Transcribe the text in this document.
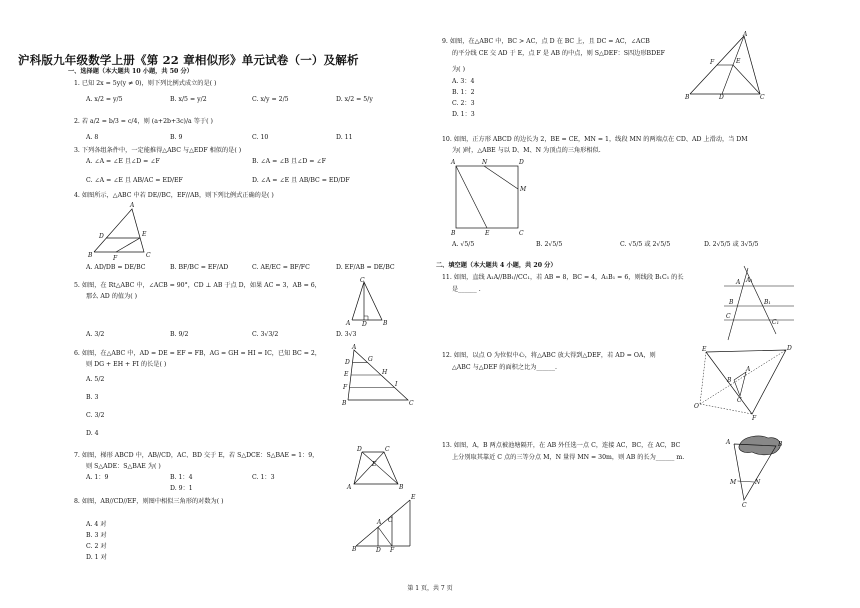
沪科版九年级数学上册《第 22 章相似形》单元试卷（一）及解析
一、选择题（本大题共 10 小题，共 50 分）
1. 已知 2x = 5y(y ≠ 0)，则下列比例式成立的是( )
A. x/2 = y/5	B. x/5 = y/2	C. x/y = 2/5	D. x/2 = 5/y
2. 若 a/2 = b/3 = c/4，则 (a+2b+3c)/a 等于( )
A. 8	B. 9	C. 10	D. 11
3. 下列各组条件中，一定能推得△ABC 与△EDF 相似的是( )
A. ∠A = ∠E 且∠D = ∠F	B. ∠A = ∠B 且∠D = ∠F
C. ∠A = ∠E 且 AB/AC = ED/EF	D. ∠A = ∠E 且 AB/BC = ED/DF
4. 如图所示，△ABC 中若 DE//BC，EF//AB，则下列比例式正确的是( )
A
D	E
B	F	C
A. AD/DB = DE/BC	B. BF/BC = EF/AD	C. AE/EC = BF/FC	D. EF/AB = DE/BC
5. 如图，在 Rt△ABC 中，∠ACB = 90°，CD ⊥ AB 于点 D，如果 AC = 3，AB = 6，
那么 AD 的值为( )
C
A D	B
A. 3/2	B. 9/2	C. 3√3/2	D. 3√3
6. 如图，在△ABC 中，AD = DE = EF = FB，AG = GH = HI = IC，已知 BC = 2，
则 DG + EH + FI 的长是( )
A
D
E
F
G
H
I
B	C
A. 5/2
B. 3
C. 3/2
D. 4
7. 如图，梯形 ABCD 中，AB//CD，AC、BD 交于 E，若 S△DCE：S△BAE = 1：9，
则 S△ADE：S△BAE 为( )
D	C
E
A	B
A. 1：9	B. 1：4	C. 1：3
D. 9：1
8. 如图，AB//CD//EF，则图中相似三角形的对数为( )
E
A C
B	D F
A. 4 对
B. 3 对
C. 2 对
D. 1 对
9. 如图，在△ABC 中，BC > AC，点 D 在 BC 上，且 DC = AC，∠ACB
的平分线 CE 交 AD 于 E，点 F 是 AB 的中点，则 S△DEF：S四边形BDEF
为( )
A
F	E
B	D	C
A. 3：4
B. 1：2
C. 2：3
D. 1：3
10. 如图，正方形 ABCD 的边长为 2，BE = CE，MN = 1，线段 MN 的两端点在 CD、AD 上滑动，当 DM
为( )时，△ABE 与以 D、M、N 为顶点的三角形相似.
A	N	D
M
B	E	C
A. √5/5	B. 2√5/5	C. √5/5 或 2√5/5	D. 2√5/5 或 3√5/5
二、填空题（本大题共 4 小题，共 20 分）
11. 如图，直线 A₁A//BB₁//CC₁，若 AB = 8，BC = 4，A₁B₁ = 6，则线段 B₁C₁ 的长
是______ .
A₁
A
B	B₁
C
C₁
12. 如图，以点 O 为位似中心，将△ABC 放大得到△DEF，若 AD = OA，则
△ABC 与△DEF 的面积之比为______.
E	D
O
B
A
C
F
13. 如图，A，B 两点被池塘隔开，在 AB 外任选一点 C，连接 AC，BC，在 AC，BC
上分别取其靠近 C 点的三等分点 M，N 量得 MN = 30m，则 AB 的长为______ m.
A	B
M	N
C
第 1 页，共 7 页
